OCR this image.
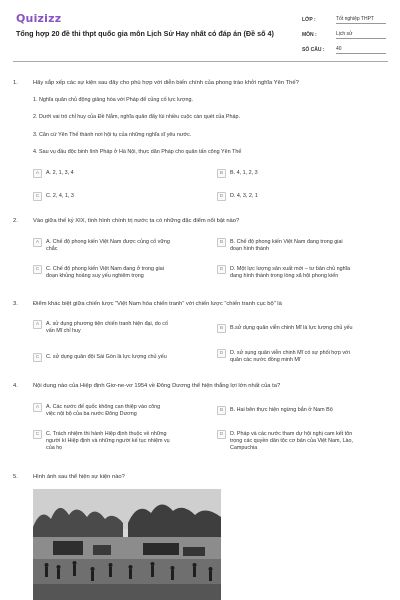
Quizizz
Tổng hợp 20 đề thi thpt quốc gia môn Lịch Sử Hay nhất có đáp án (Đề số 4)
LỚP :	Tốt nghiệp THPT
MÔN :	Lịch sử
SỐ CÂU :	40
1.	Hãy sắp xếp các sự kiện sau đây cho phù hợp với diễn biến chính của phong trào khởi nghĩa Yên Thế?
1. Nghĩa quân chủ động giảng hòa với Pháp để củng cố lực lượng.
2. Dưới vai trò chỉ huy của Đề Nắm, nghĩa quân đẩy lùi nhiều cuộc càn quét của Pháp.
3. Căn cứ Yên Thế thành nơi hội tụ của những nghĩa sĩ yêu nước.
4. Sau vụ đầu độc binh lính Pháp ở Hà Nội, thực dân Pháp cho quân tấn công Yên Thế
A	A. 2, 1, 3, 4	B	B. 4, 1, 2, 3
C	C. 2, 4, 1, 3	D	D. 4, 3, 2, 1
2.	Vào giữa thế kỷ XIX, tình hình chính trị nước ta có những đặc điểm nổi bật nào?
A	A. Chế độ phong kiến Việt Nam được củng cố vững
chắc
B	B. Chế độ phong kiến Việt Nam đang trong giai
đoạn hình thành
C	C. Chế độ phong kiến Việt Nam đang ở trong giai
đoạn khủng hoảng suy yếu nghiêm trọng
D	D. Một lực lượng sản xuất mới – tư bản chủ nghĩa
đang hình thành trong lòng xã hội phong kiến
3.	Điểm khác biệt giữa chiến lược “Việt Nam hóa chiến tranh” với chiến lược “chiến tranh cục bộ” là
A	A. sử dụng phương tiện chiến tranh hiện đại, do cố
vấn Mĩ chỉ huy	B	B.sử dụng quân viễn chinh Mĩ là lực lượng chủ yếu
C	C. sử dụng quân đội Sài Gòn là lực lượng chủ yếu
D	D. sử sụng quân viễn chinh Mĩ có sự phối hợp với
quân các nước đồng minh Mĩ
4.	Nội dung nào của Hiệp định Giơ-ne-vơ 1954 về Đông Dương thể hiện thắng lợi lớn nhất của ta?
A	A. Các nước đế quốc không can thiệp vào công
việc nội bộ của ba nước Đông Dương
B	B. Hai bên thực hiện ngừng bắn ở Nam Bộ
C	C. Trách nhiệm thi hành Hiệp định thuộc về những
người kí Hiệp định và những người kế tục nhiệm vụ
của họ
D	D. Pháp và các nước tham dự hội nghị cam kết tôn
trọng các quyền dân tộc cơ bản của Việt Nam, Lào,
Campuchia
5.	Hình ảnh sau thể hiện sự kiện nào?
